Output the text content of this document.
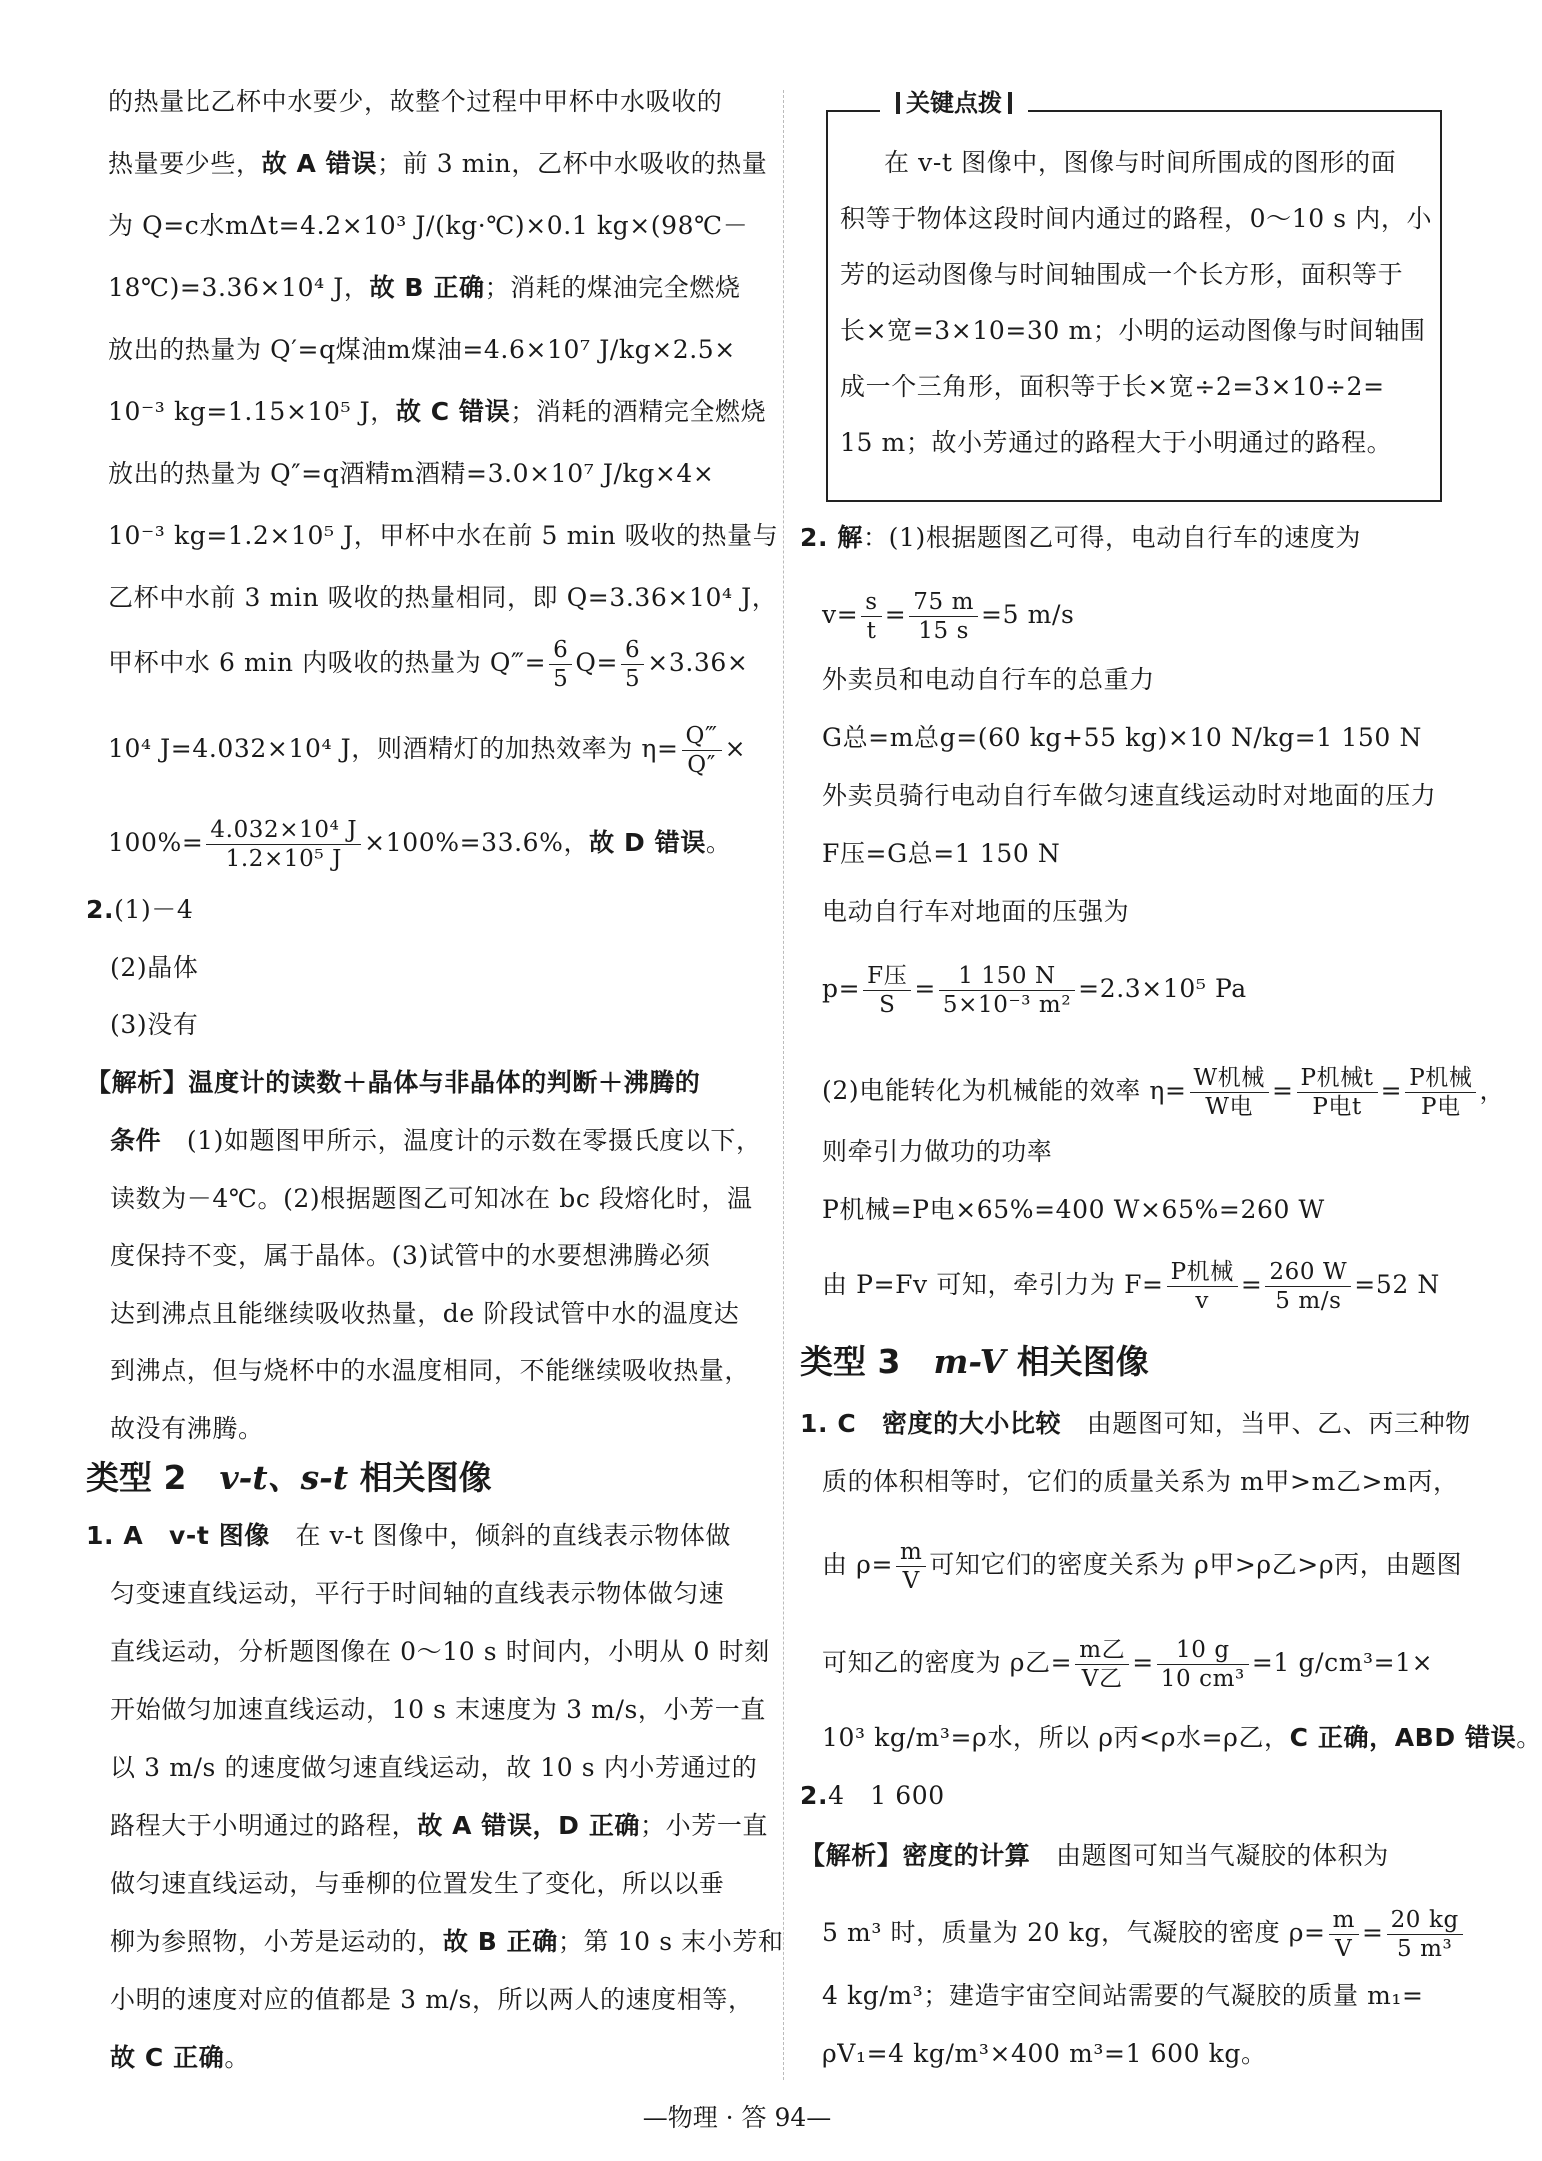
的热量比乙杯中水要少，故整个过程中甲杯中水吸收的
热量要少些，故 A 错误；前 3 min，乙杯中水吸收的热量
为 Q=c水mΔt=4.2×10³ J/(kg·℃)×0.1 kg×(98℃－
18℃)=3.36×10⁴ J，故 B 正确；消耗的煤油完全燃烧
放出的热量为 Q′=q煤油m煤油=4.6×10⁷ J/kg×2.5×
10⁻³ kg=1.15×10⁵ J，故 C 错误；消耗的酒精完全燃烧
放出的热量为 Q″=q酒精m酒精=3.0×10⁷ J/kg×4×
10⁻³ kg=1.2×10⁵ J，甲杯中水在前 5 min 吸收的热量与
乙杯中水前 3 min 吸收的热量相同，即 Q=3.36×10⁴ J，
甲杯中水 6 min 内吸收的热量为 Q‴= $\frac{6}{5} Q= \frac{6}{5} \times 3.36\times$
10⁴ J=4.032×10⁴ J，则酒精灯的加热效率为 $\eta= \frac{Q‴}{Q''}$ ×
$100\%= \frac{\text{4.032×10⁴ J}}{\text{1.2×10⁵ J}} \times 100\%=33.6\%$，故 D 错误。
2.(1)－4
(2)晶体
(3)没有
【解析】温度计的读数＋晶体与非晶体的判断＋沸腾的
条件　 (1)如题图甲所示，温度计的示数在零摄氏度以下，
读数为－4℃。(2)根据题图乙可知冰在 bc 段熔化时，温
度保持不变，属于晶体。(3)试管中的水要想沸腾必须
达到沸点且能继续吸收热量，de 阶段试管中水的温度达
到沸点，但与烧杯中的水温度相同，不能继续吸收热量，
故没有沸腾。
类型 2　 v-t、s-t 相关图像
1. A　 v-t 图像　 在 v-t 图像中，倾斜的直线表示物体做
匀变速直线运动，平行于时间轴的直线表示物体做匀速
直线运动，分析题图像在 0～10 s 时间内，小明从 0 时刻
开始做匀加速直线运动，10 s 末速度为 3 m/s，小芳一直
以 3 m/s 的速度做匀速直线运动，故 10 s 内小芳通过的
路程大于小明通过的路程，故 A 错误，D 正确；小芳一直
做匀速直线运动，与垂柳的位置发生了变化，所以以垂
柳为参照物，小芳是运动的，故 B 正确；第 10 s 末小芳和
小明的速度对应的值都是 3 m/s，所以两人的速度相等，
故 C 正确。
关键点拨
在 v-t 图像中，图像与时间所围成的图形的面
积等于物体这段时间内通过的路程，0～10 s 内，小
芳的运动图像与时间轴围成一个长方形，面积等于
长×宽=3×10=30 m；小明的运动图像与时间轴围
成一个三角形，面积等于长×宽÷2=3×10÷2=
15 m；故小芳通过的路程大于小明通过的路程。
2. 解：(1)根据题图乙可得，电动自行车的速度为
$v= \frac{s}{t} = \frac{75 m}{15 s} =5$ m/s
外卖员和电动自行车的总重力
G总=m总g=(60 kg+55 kg)×10 N/kg=1 150 N
外卖员骑行电动自行车做匀速直线运动时对地面的压力
F压=G总=1 150 N
电动自行车对地面的压强为
$p= \frac{\text{F压}}{S} = \frac{1 150 N}{\text{5×10⁻³ m²}} =2.3\times 10^5$ Pa
(2)电能转化为机械能的效率 $\eta= \frac{\text{W机械}}{\text{W电}} = \frac{\text{P机械t}}{\text{P电t}} = \frac{\text{P机械}}{\text{P电}}$ ，
则牵引力做功的功率
P机械=P电×65%=400 W×65%=260 W
由 P=Fv 可知，牵引力为 $F= \frac{\text{P机械}}{v} = \frac{260 W}{5 m/s} =52$ N
类型 3　 m-V 相关图像
1. C　 密度的大小比较　 由题图可知，当甲、乙、丙三种物
质的体积相等时，它们的质量关系为 m甲>m乙>m丙，
由 $\rho= \frac{m}{V}$ 可知它们的密度关系为 ρ甲>ρ乙>ρ丙，由题图
可知乙的密度为 ρ乙= $\frac{\text{m乙}}{\text{V乙}} = \frac{10 g}{\text{10 cm³}} =1$ g/cm³=1×
10³ kg/m³=ρ水，所以 ρ丙<ρ水=ρ乙，C 正确，ABD 错误。
2.4　1 600
【解析】密度的计算　 由题图可知当气凝胶的体积为
5 m³ 时，质量为 20 kg，气凝胶的密度 $\rho= \frac{m}{V} = \frac{20 kg}{\text{5 m³}}$
4 kg/m³；建造宇宙空间站需要的气凝胶的质量 m₁=
ρV₁=4 kg/m³×400 m³=1 600 kg。
—物理 · 答 94—
